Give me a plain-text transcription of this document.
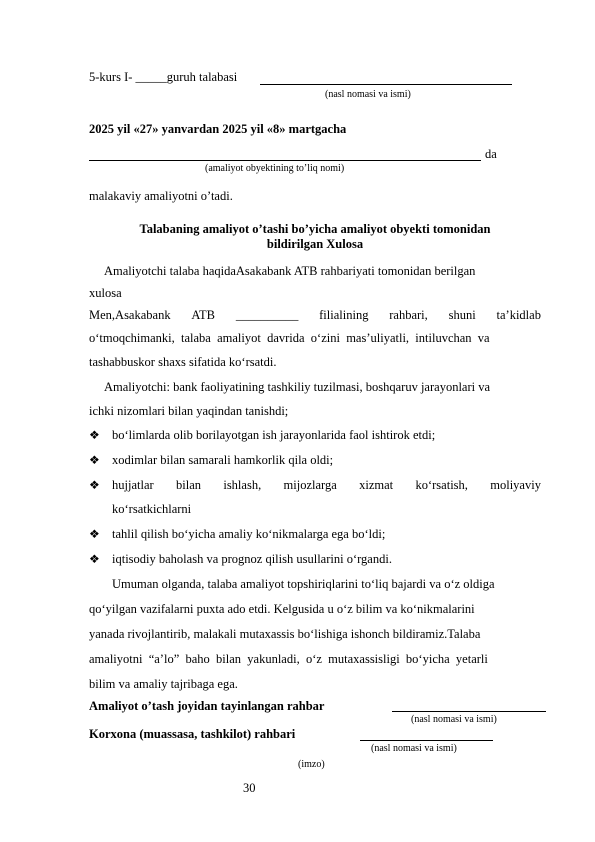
5-kurs I- _____guruh talabasi
(nasl nomasi va ismi)
2025 yil «27» yanvardan 2025 yil «8» martgacha
da
(amaliyot obyektining to’liq nomi)
malakaviy amaliyotni o’tadi.
Talabaning amaliyot o’tashi bo’yicha amaliyot obyekti tomonidan
bildirilgan Xulosa
Amaliyotchi talaba haqidaAsakabank ATB rahbariyati tomonidan berilgan
xulosa
Men,Asakabank ATB __________ filialining rahbari, shuni ta’kidlab
o‘tmoqchimanki,  talaba  amaliyot  davrida  o‘zini  mas’uliyatli,  intiluvchan  va
tashabbuskor shaxs sifatida ko‘rsatdi.
Amaliyotchi: bank faoliyatining tashkiliy tuzilmasi, boshqaruv jarayonlari va
ichki nizomlari bilan yaqindan tanishdi;
❖ bo‘limlarda olib borilayotgan ish jarayonlarida faol ishtirok etdi;
❖ xodimlar bilan samarali hamkorlik qila oldi;
❖ hujjatlar bilan ishlash, mijozlarga xizmat ko‘rsatish, moliyaviy
ko‘rsatkichlarni
❖ tahlil qilish bo‘yicha amaliy ko‘nikmalarga ega bo‘ldi;
❖ iqtisodiy baholash va prognoz qilish usullarini o‘rgandi.
Umuman olganda, talaba amaliyot topshiriqlarini to‘liq bajardi va o‘z oldiga
qo‘yilgan vazifalarni puxta ado etdi. Kelgusida u o‘z bilim va ko‘nikmalarini
yanada rivojlantirib, malakali mutaxassis bo‘lishiga ishonch bildiramiz.Talaba
amaliyotni  “a’lo”  baho  bilan  yakunladi,  o‘z  mutaxassisligi  bo‘yicha  yetarli
bilim va amaliy tajribaga ega.
Amaliyot o’tash joyidan tayinlangan rahbar
(nasl nomasi va ismi)
Korxona (muassasa, tashkilot) rahbari
(nasl nomasi va ismi)
(imzo)
30
